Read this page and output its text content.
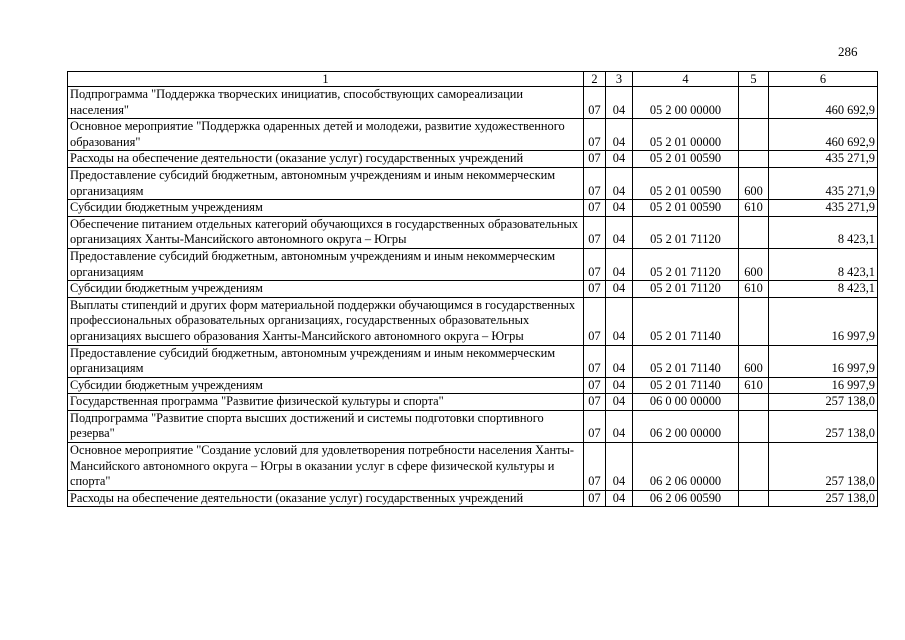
286
1	2	3	4	5	6
Подпрограмма "Поддержка творческих инициатив, способствующих самореализации населения"	07	04	05 2 00 00000		460 692,9
Основное мероприятие "Поддержка одаренных детей и молодежи, развитие художественного образования"	07	04	05 2 01 00000		460 692,9
Расходы на обеспечение деятельности (оказание услуг) государственных учреждений	07	04	05 2 01 00590		435 271,9
Предоставление субсидий бюджетным, автономным учреждениям и иным некоммерческим организациям	07	04	05 2 01 00590	600	435 271,9
Субсидии бюджетным учреждениям	07	04	05 2 01 00590	610	435 271,9
Обеспечение питанием отдельных категорий обучающихся в государственных образовательных организациях Ханты-Мансийского автономного округа – Югры	07	04	05 2 01 71120		8 423,1
Предоставление субсидий бюджетным, автономным учреждениям и иным некоммерческим организациям	07	04	05 2 01 71120	600	8 423,1
Субсидии бюджетным учреждениям	07	04	05 2 01 71120	610	8 423,1
Выплаты стипендий и других форм материальной поддержки обучающимся в государственных профессиональных образовательных организациях, государственных образовательных организациях высшего образования Ханты-Мансийского автономного округа – Югры	07	04	05 2 01 71140		16 997,9
Предоставление субсидий бюджетным, автономным учреждениям и иным некоммерческим организациям	07	04	05 2 01 71140	600	16 997,9
Субсидии бюджетным учреждениям	07	04	05 2 01 71140	610	16 997,9
Государственная программа "Развитие физической культуры и спорта"	07	04	06 0 00 00000		257 138,0
Подпрограмма "Развитие спорта высших достижений и системы подготовки спортивного резерва"	07	04	06 2 00 00000		257 138,0
Основное мероприятие "Создание условий для удовлетворения потребности населения Ханты-Мансийского автономного округа – Югры в оказании услуг в сфере физической культуры и спорта"	07	04	06 2 06 00000		257 138,0
Расходы на обеспечение деятельности (оказание услуг) государственных учреждений	07	04	06 2 06 00590		257 138,0
